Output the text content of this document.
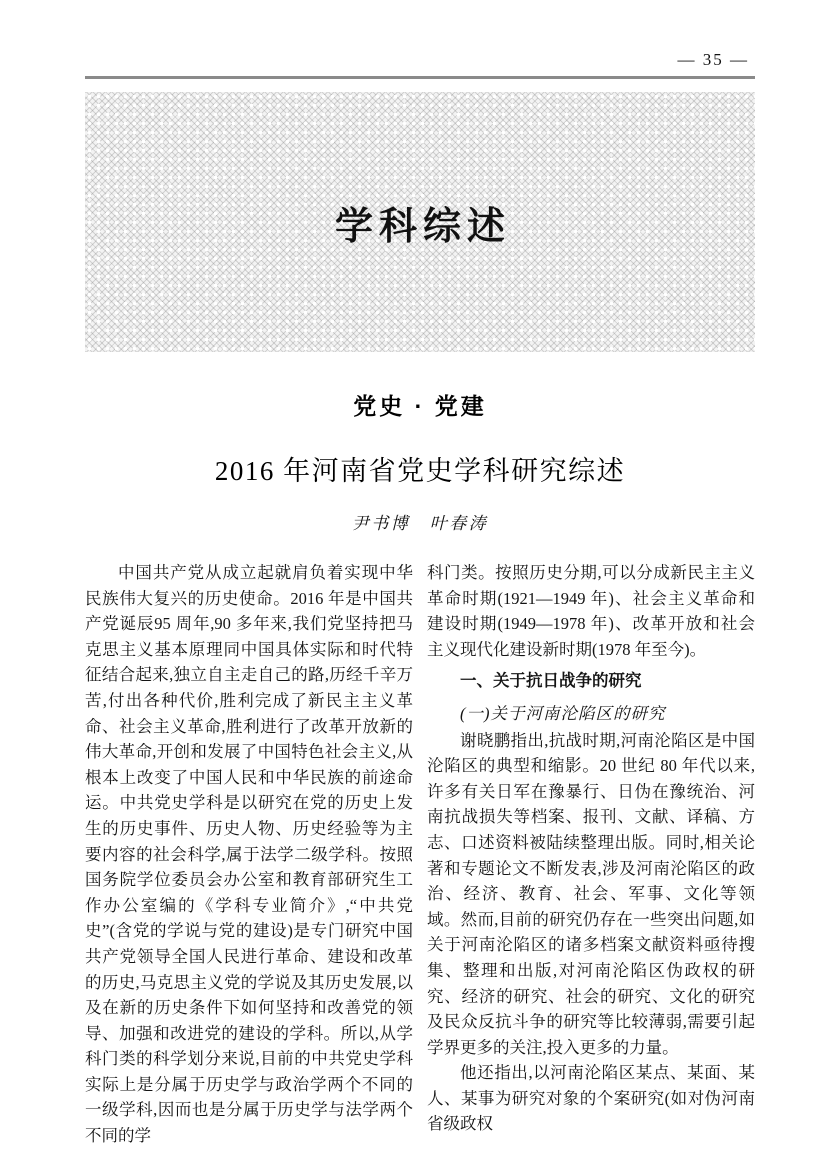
— 35 —
学科综述
党史 · 党建
2016 年河南省党史学科研究综述
尹书博　叶春涛

中国共产党从成立起就肩负着实现中华民族伟大复兴的历史使命。2016 年是中国共产党诞辰95 周年,90 多年来,我们党坚持把马克思主义基本原理同中国具体实际和时代特征结合起来,独立自主走自己的路,历经千辛万苦,付出各种代价,胜利完成了新民主主义革命、社会主义革命,胜利进行了改革开放新的伟大革命,开创和发展了中国特色社会主义,从根本上改变了中国人民和中华民族的前途命运。中共党史学科是以研究在党的历史上发生的历史事件、历史人物、历史经验等为主要内容的社会科学,属于法学二级学科。按照国务院学位委员会办公室和教育部研究生工作办公室编的《学科专业简介》,“中共党史”(含党的学说与党的建设)是专门研究中国共产党领导全国人民进行革命、建设和改革的历史,马克思主义党的学说及其历史发展,以及在新的历史条件下如何坚持和改善党的领导、加强和改进党的建设的学科。所以,从学科门类的科学划分来说,目前的中共党史学科实际上是分属于历史学与政治学两个不同的一级学科,因而也是分属于历史学与法学两个不同的学

科门类。按照历史分期,可以分成新民主主义革命时期(1921—1949 年)、社会主义革命和建设时期(1949—1978 年)、改革开放和社会主义现代化建设新时期(1978 年至今)。

一、关于抗日战争的研究

(一)关于河南沦陷区的研究

谢晓鹏指出,抗战时期,河南沦陷区是中国沦陷区的典型和缩影。20 世纪 80 年代以来,许多有关日军在豫暴行、日伪在豫统治、河南抗战损失等档案、报刊、文献、译稿、方志、口述资料被陆续整理出版。同时,相关论著和专题论文不断发表,涉及河南沦陷区的政治、经济、教育、社会、军事、文化等领域。然而,目前的研究仍存在一些突出问题,如关于河南沦陷区的诸多档案文献资料亟待搜集、整理和出版,对河南沦陷区伪政权的研究、经济的研究、社会的研究、文化的研究及民众反抗斗争的研究等比较薄弱,需要引起学界更多的关注,投入更多的力量。

他还指出,以河南沦陷区某点、某面、某人、某事为研究对象的个案研究(如对伪河南省级政权
